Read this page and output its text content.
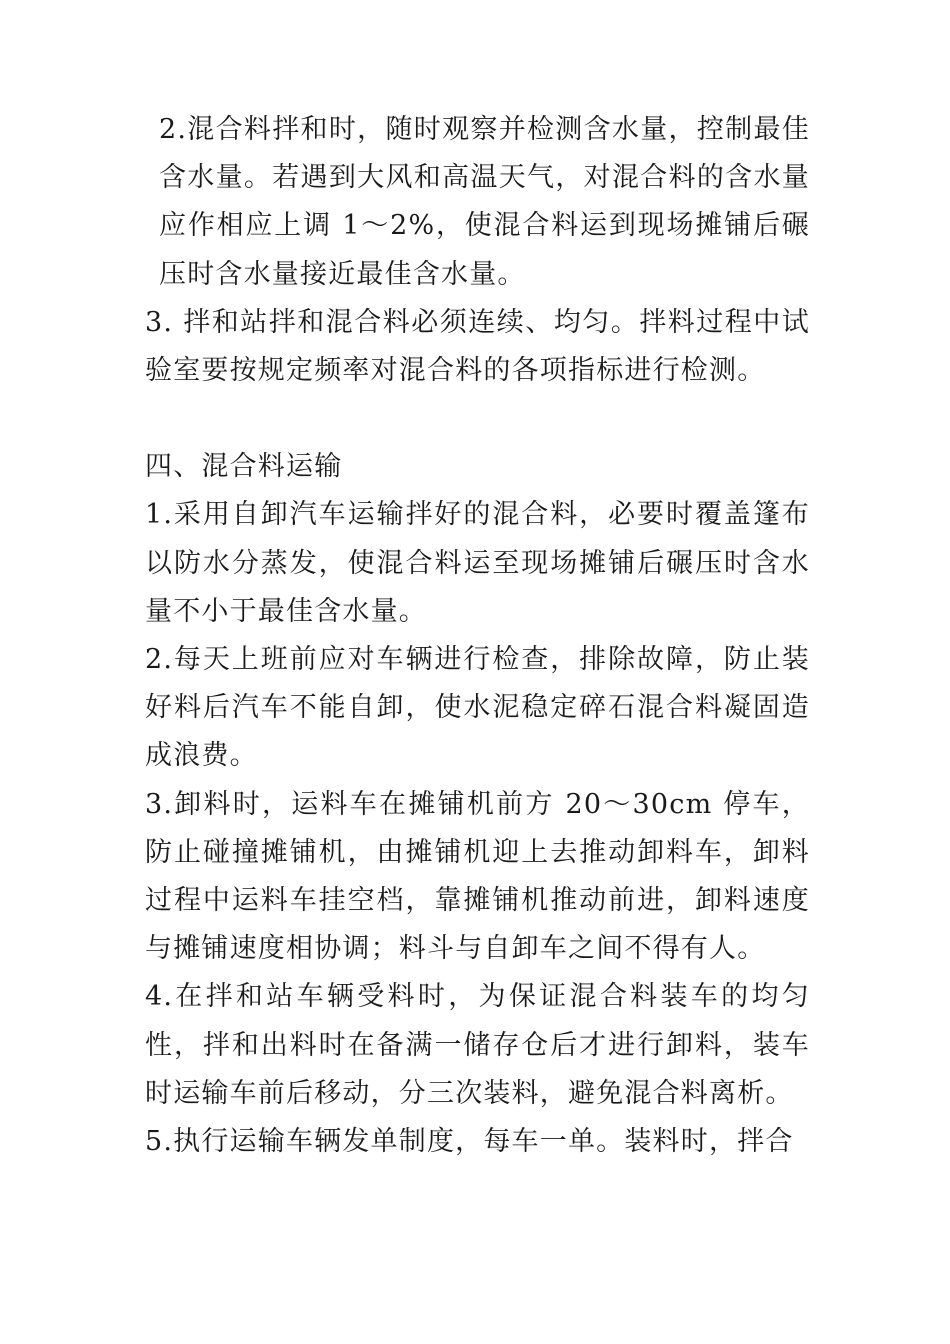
2.混合料拌和时，随时观察并检测含水量，控制最佳含水量。若遇到大风和高温天气，对混合料的含水量应作相应上调 1～2%，使混合料运到现场摊铺后碾压时含水量接近最佳含水量。

3. 拌和站拌和混合料必须连续、均匀。拌料过程中试验室要按规定频率对混合料的各项指标进行检测。

四、混合料运输

1.采用自卸汽车运输拌好的混合料，必要时覆盖篷布以防水分蒸发，使混合料运至现场摊铺后碾压时含水量不小于最佳含水量。

2.每天上班前应对车辆进行检查，排除故障，防止装好料后汽车不能自卸，使水泥稳定碎石混合料凝固造成浪费。

3.卸料时，运料车在摊铺机前方 20～30cm 停车，防止碰撞摊铺机，由摊铺机迎上去推动卸料车，卸料过程中运料车挂空档，靠摊铺机推动前进，卸料速度与摊铺速度相协调；料斗与自卸车之间不得有人。

4.在拌和站车辆受料时，为保证混合料装车的均匀性，拌和出料时在备满一储存仓后才进行卸料，装车时运输车前后移动，分三次装料，避免混合料离析。

5.执行运输车辆发单制度，每车一单。装料时，拌合
